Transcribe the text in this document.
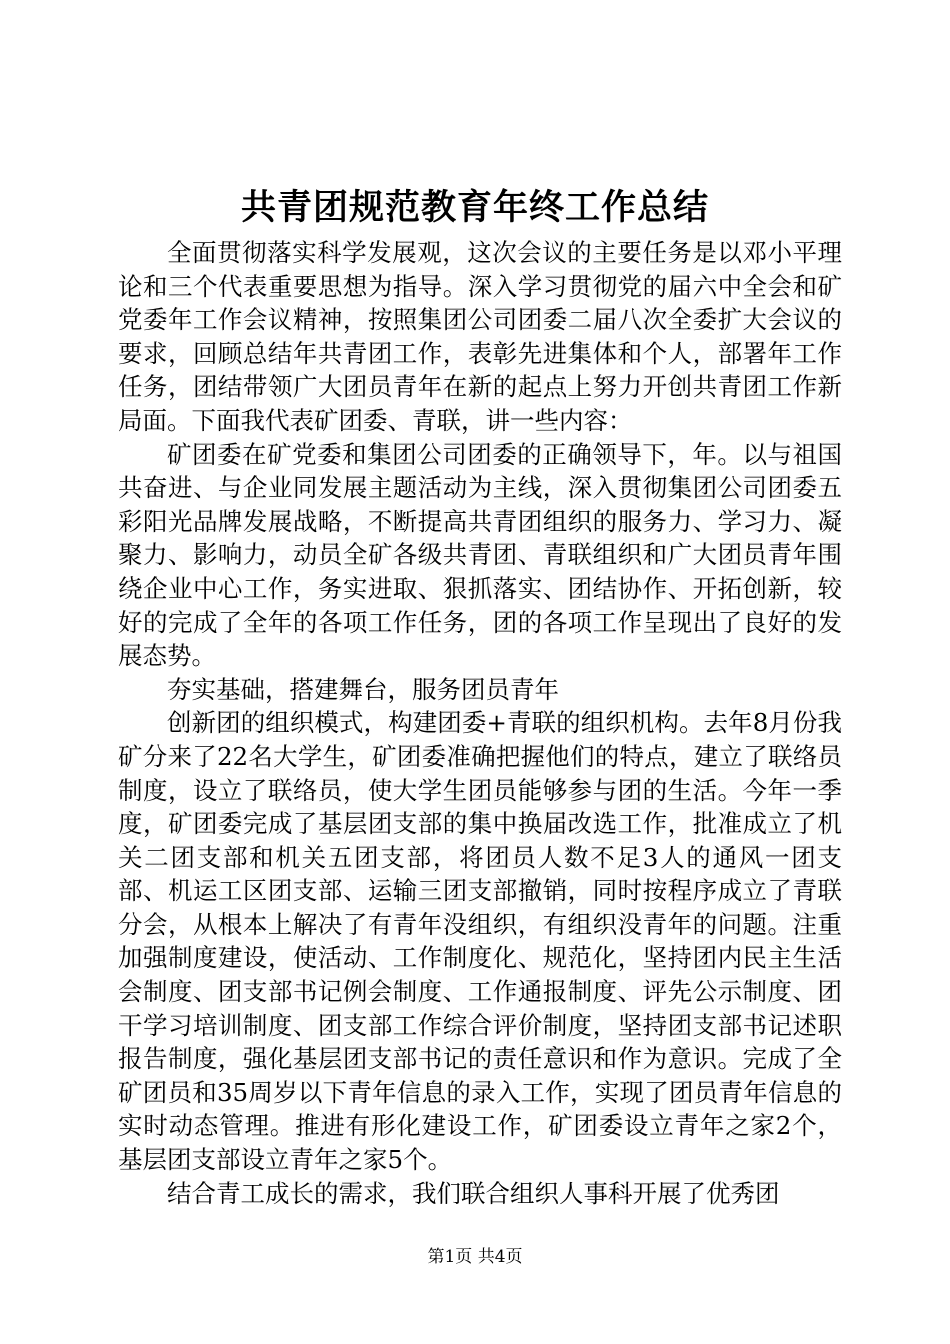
共青团规范教育年终工作总结

全面贯彻落实科学发展观，这次会议的主要任务是以邓小平理论和三个代表重要思想为指导。深入学习贯彻党的届六中全会和矿党委年工作会议精神，按照集团公司团委二届八次全委扩大会议的要求，回顾总结年共青团工作，表彰先进集体和个人，部署年工作任务，团结带领广大团员青年在新的起点上努力开创共青团工作新局面。下面我代表矿团委、青联，讲一些内容：

矿团委在矿党委和集团公司团委的正确领导下，年。以与祖国共奋进、与企业同发展主题活动为主线，深入贯彻集团公司团委五彩阳光品牌发展战略，不断提高共青团组织的服务力、学习力、凝聚力、影响力，动员全矿各级共青团、青联组织和广大团员青年围绕企业中心工作，务实进取、狠抓落实、团结协作、开拓创新，较好的完成了全年的各项工作任务，团的各项工作呈现出了良好的发展态势。

夯实基础，搭建舞台，服务团员青年

创新团的组织模式，构建团委+青联的组织机构。去年8月份我矿分来了22名大学生，矿团委准确把握他们的特点，建立了联络员制度，设立了联络员，使大学生团员能够参与团的生活。今年一季度，矿团委完成了基层团支部的集中换届改选工作，批准成立了机关二团支部和机关五团支部，将团员人数不足3人的通风一团支部、机运工区团支部、运输三团支部撤销，同时按程序成立了青联分会，从根本上解决了有青年没组织，有组织没青年的问题。注重加强制度建设，使活动、工作制度化、规范化，坚持团内民主生活会制度、团支部书记例会制度、工作通报制度、评先公示制度、团干学习培训制度、团支部工作综合评价制度，坚持团支部书记述职报告制度，强化基层团支部书记的责任意识和作为意识。完成了全矿团员和35周岁以下青年信息的录入工作，实现了团员青年信息的实时动态管理。推进有形化建设工作，矿团委设立青年之家2个，基层团支部设立青年之家5个。

结合青工成长的需求，我们联合组织人事科开展了优秀团

第1页 共4页
